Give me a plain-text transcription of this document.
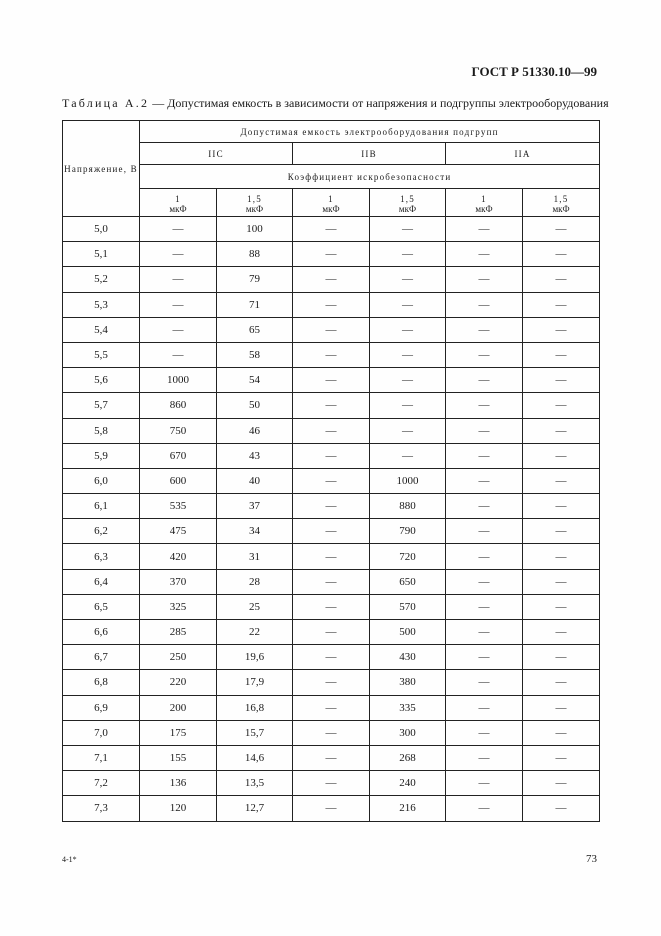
ГОСТ Р 51330.10—99
Таблица А.2 — Допустимая емкость в зависимости от напряжения и подгруппы электрооборудования
Напряжение, В	Допустимая емкость электрооборудования подгрупп					
	IIC		IIB		IIA	
	Коэффициент искробезопасности					
	1	1,5	1	1,5	1	1,5
	мкФ	мкФ	мкФ	мкФ	мкФ	мкФ
5,0	—	100	—	—	—	—
5,1	—	88	—	—	—	—
5,2	—	79	—	—	—	—
5,3	—	71	—	—	—	—
5,4	—	65	—	—	—	—
5,5	—	58	—	—	—	—
5,6	1000	54	—	—	—	—
5,7	860	50	—	—	—	—
5,8	750	46	—	—	—	—
5,9	670	43	—	—	—	—
6,0	600	40	—	1000	—	—
6,1	535	37	—	880	—	—
6,2	475	34	—	790	—	—
6,3	420	31	—	720	—	—
6,4	370	28	—	650	—	—
6,5	325	25	—	570	—	—
6,6	285	22	—	500	—	—
6,7	250	19,6	—	430	—	—
6,8	220	17,9	—	380	—	—
6,9	200	16,8	—	335	—	—
7,0	175	15,7	—	300	—	—
7,1	155	14,6	—	268	—	—
7,2	136	13,5	—	240	—	—
7,3	120	12,7	—	216	—	—
4-1*	73
